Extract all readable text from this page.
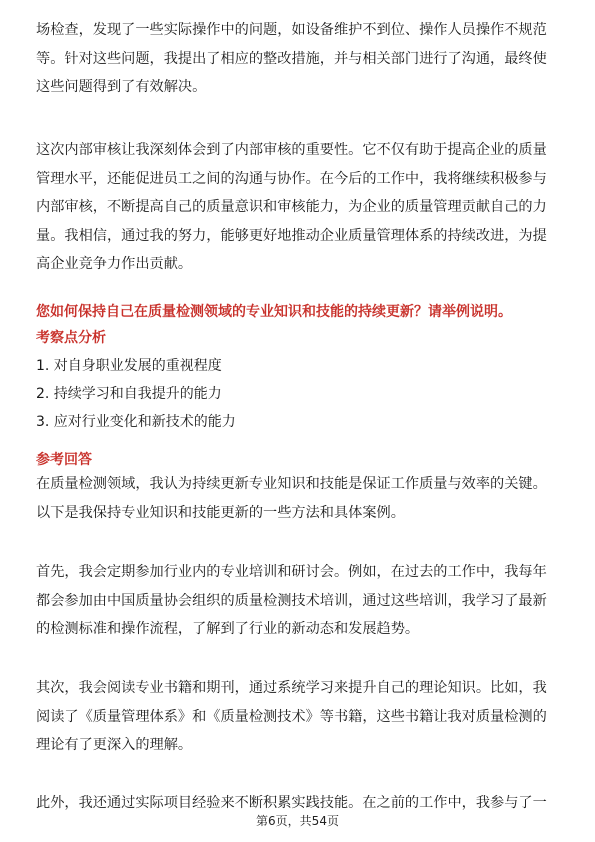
场检查，发现了一些实际操作中的问题，如设备维护不到位、操作人员操作不规范
等。针对这些问题，我提出了相应的整改措施，并与相关部门进行了沟通，最终使
这些问题得到了有效解决。
这次内部审核让我深刻体会到了内部审核的重要性。它不仅有助于提高企业的质量
管理水平，还能促进员工之间的沟通与协作。在今后的工作中，我将继续积极参与
内部审核，不断提高自己的质量意识和审核能力，为企业的质量管理贡献自己的力
量。我相信，通过我的努力，能够更好地推动企业质量管理体系的持续改进，为提
高企业竞争力作出贡献。

您如何保持自己在质量检测领域的专业知识和技能的持续更新？请举例说明。

考察点分析

1. 对自身职业发展的重视程度

2. 持续学习和自我提升的能力

3. 应对行业变化和新技术的能力

参考回答

在质量检测领域，我认为持续更新专业知识和技能是保证工作质量与效率的关键。
以下是我保持专业知识和技能更新的一些方法和具体案例。
首先，我会定期参加行业内的专业培训和研讨会。例如，在过去的工作中，我每年
都会参加由中国质量协会组织的质量检测技术培训，通过这些培训，我学习了最新
的检测标准和操作流程，了解到了行业的新动态和发展趋势。
其次，我会阅读专业书籍和期刊，通过系统学习来提升自己的理论知识。比如，我
阅读了《质量管理体系》和《质量检测技术》等书籍，这些书籍让我对质量检测的
理论有了更深入的理解。
此外，我还通过实际项目经验来不断积累实践技能。在之前的工作中，我参与了一
第6页，共54页
